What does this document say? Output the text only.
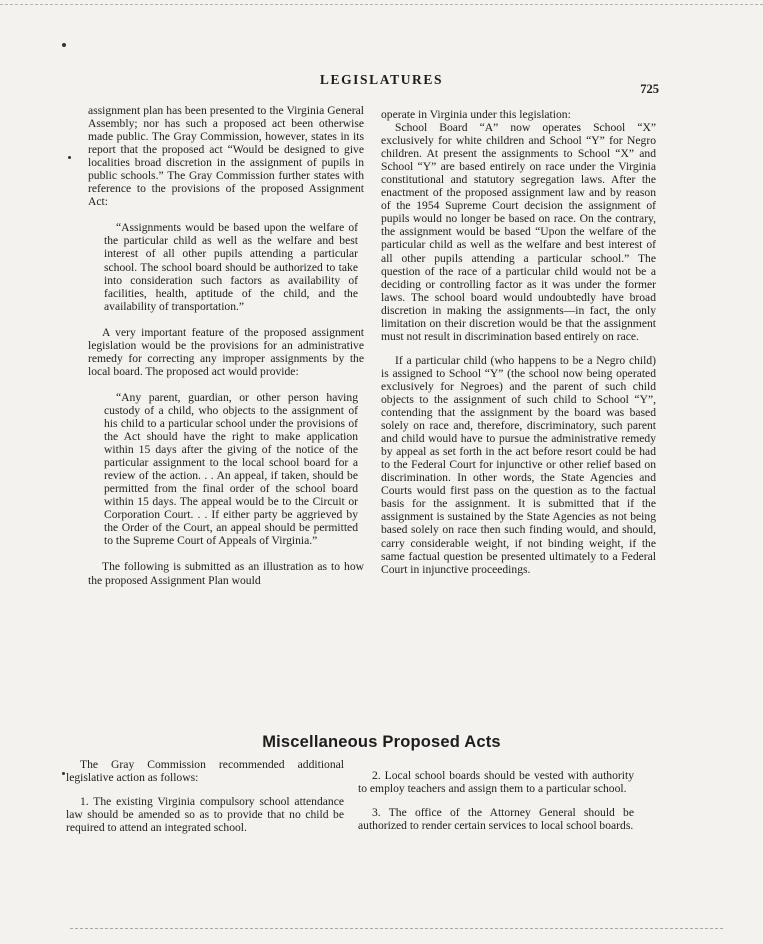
LEGISLATURES
725

assignment plan has been presented to the Virginia General Assembly; nor has such a proposed act been otherwise made public. The Gray Commission, however, states in its report that the proposed act “Would be designed to give localities broad discretion in the assignment of pupils in public schools.” The Gray Commission further states with reference to the provisions of the proposed Assignment Act:

“Assignments would be based upon the welfare of the particular child as well as the welfare and best interest of all other pupils attending a particular school. The school board should be authorized to take into consideration such factors as availability of facilities, health, aptitude of the child, and the availability of transportation.”

A very important feature of the proposed assignment legislation would be the provisions for an administrative remedy for correcting any improper assignments by the local board. The proposed act would provide:

“Any parent, guardian, or other person having custody of a child, who objects to the assignment of his child to a particular school under the provisions of the Act should have the right to make application within 15 days after the giving of the notice of the particular assignment to the local school board for a review of the action. . . An appeal, if taken, should be permitted from the final order of the school board within 15 days. The appeal would be to the Circuit or Corporation Court. . . If either party be aggrieved by the Order of the Court, an appeal should be permitted to the Supreme Court of Appeals of Virginia.”

The following is submitted as an illustration as to how the proposed Assignment Plan would

operate in Virginia under this legislation:

School Board “A” now operates School “X” exclusively for white children and School “Y” for Negro children. At present the assignments to School “X” and School “Y” are based entirely on race under the Virginia constitutional and statutory segregation laws. After the enactment of the proposed assignment law and by reason of the 1954 Supreme Court decision the assignment of pupils would no longer be based on race. On the contrary, the assignment would be based “Upon the welfare of the particular child as well as the welfare and best interest of all other pupils attending a particular school.” The question of the race of a particular child would not be a deciding or controlling factor as it was under the former laws. The school board would undoubtedly have broad discretion in making the assignments—in fact, the only limitation on their discretion would be that the assignment must not result in discrimination based entirely on race.

If a particular child (who happens to be a Negro child) is assigned to School “Y” (the school now being operated exclusively for Negroes) and the parent of such child objects to the assignment of such child to School “Y”, contending that the assignment by the board was based solely on race and, therefore, discriminatory, such parent and child would have to pursue the administrative remedy by appeal as set forth in the act before resort could be had to the Federal Court for injunctive or other relief based on discrimination. In other words, the State Agencies and Courts would first pass on the question as to the factual basis for the assignment. It is submitted that if the assignment is sustained by the State Agencies as not being based solely on race then such finding would, and should, carry considerable weight, if not binding weight, if the same factual question be presented ultimately to a Federal Court in injunctive proceedings.

Miscellaneous Proposed Acts

The Gray Commission recommended additional legislative action as follows:

1. The existing Virginia compulsory school attendance law should be amended so as to provide that no child be required to attend an integrated school.

2. Local school boards should be vested with authority to employ teachers and assign them to a particular school.

3. The office of the Attorney General should be authorized to render certain services to local school boards.
